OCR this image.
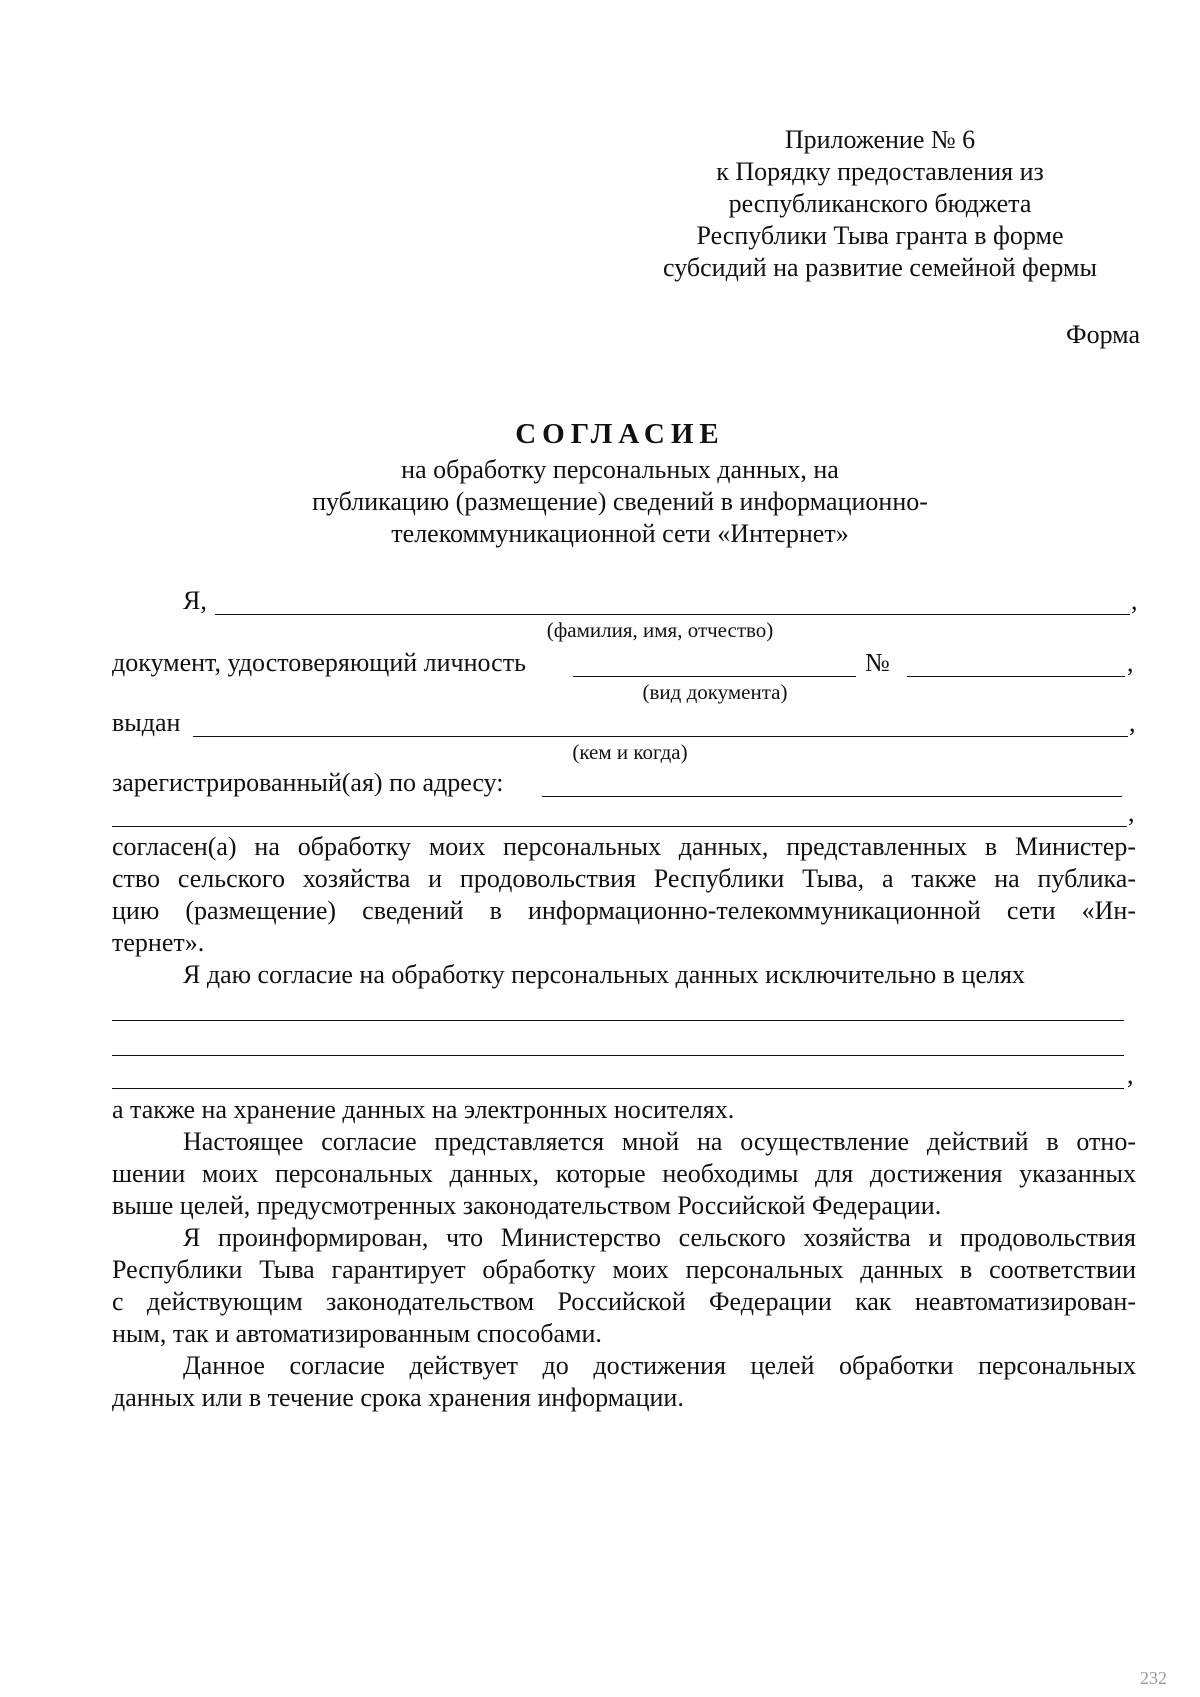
Приложение № 6
к Порядку предоставления из
республиканского бюджета
Республики Тыва гранта в форме
субсидий на развитие семейной фермы
Форма
СОГЛАСИЕ
на обработку персональных данных, на
публикацию (размещение) сведений в информационно-
телекоммуникационной сети «Интернет»
Я,	,
(фамилия, имя, отчество)
документ, удостоверяющий личность	№	,
(вид документа)
выдан	,
(кем и когда)
зарегистрированный(ая) по адресу:
,
согласен(а) на обработку моих персональных данных, представленных в Министер-
ство сельского хозяйства и продовольствия Республики Тыва, а также на публика-
цию (размещение) сведений в информационно-телекоммуникационной сети «Ин-
тернет».
Я даю согласие на обработку персональных данных исключительно в целях
,
а также на хранение данных на электронных носителях.
Настоящее согласие представляется мной на осуществление действий в отно-
шении моих персональных данных, которые необходимы для достижения указанных
выше целей, предусмотренных законодательством Российской Федерации.
Я проинформирован, что Министерство сельского хозяйства и продовольствия
Республики Тыва гарантирует обработку моих персональных данных в соответствии
с действующим законодательством Российской Федерации как неавтоматизирован-
ным, так и автоматизированным способами.
Данное согласие действует до достижения целей обработки персональных
данных или в течение срока хранения информации.
232
